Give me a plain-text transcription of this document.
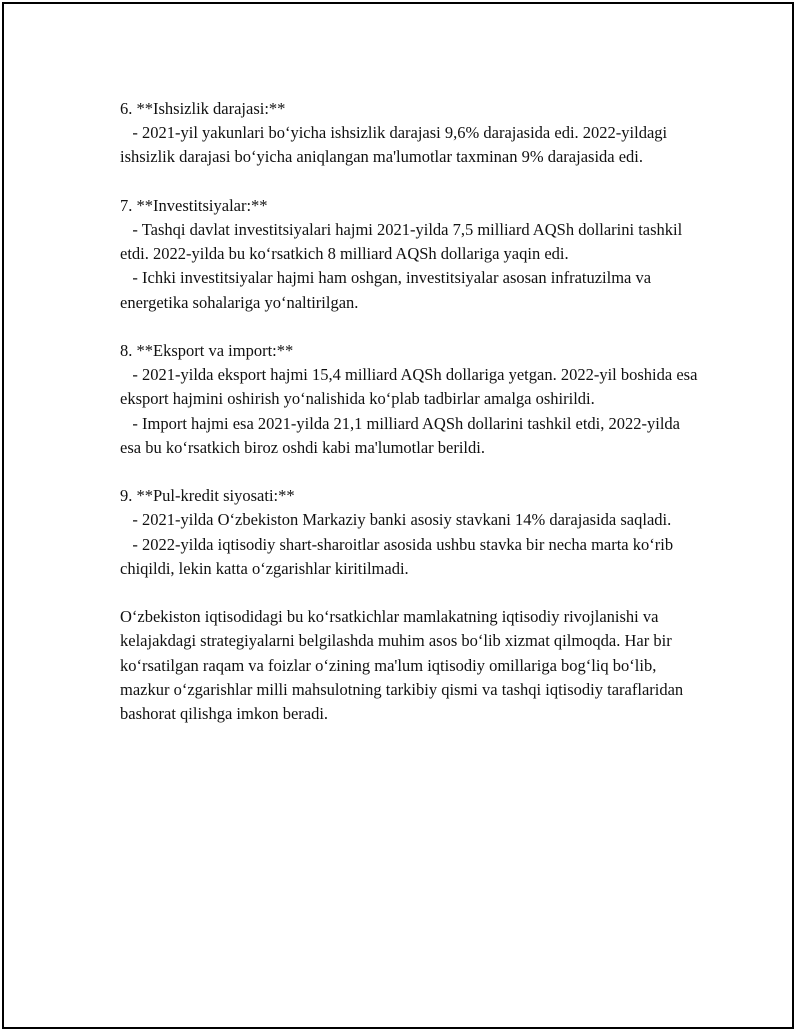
6. **Ishsizlik darajasi:**
- 2021-yil yakunlari bo‘yicha ishsizlik darajasi 9,6% darajasida edi. 2022-yildagi ishsizlik darajasi bo‘yicha aniqlangan ma'lumotlar taxminan 9% darajasida edi.
7. **Investitsiyalar:**
- Tashqi davlat investitsiyalari hajmi 2021-yilda 7,5 milliard AQSh dollarini tashkil etdi. 2022-yilda bu ko‘rsatkich 8 milliard AQSh dollariga yaqin edi.
- Ichki investitsiyalar hajmi ham oshgan, investitsiyalar asosan infratuzilma va energetika sohalariga yo‘naltirilgan.
8. **Eksport va import:**
- 2021-yilda eksport hajmi 15,4 milliard AQSh dollariga yetgan. 2022-yil boshida esa eksport hajmini oshirish yo‘nalishida ko‘plab tadbirlar amalga oshirildi.
- Import hajmi esa 2021-yilda 21,1 milliard AQSh dollarini tashkil etdi, 2022-yilda esa bu ko‘rsatkich biroz oshdi kabi ma'lumotlar berildi.
9. **Pul-kredit siyosati:**
- 2021-yilda O‘zbekiston Markaziy banki asosiy stavkani 14% darajasida saqladi.
- 2022-yilda iqtisodiy shart-sharoitlar asosida ushbu stavka bir necha marta ko‘rib chiqildi, lekin katta o‘zgarishlar kiritilmadi.

O‘zbekiston iqtisodidagi bu ko‘rsatkichlar mamlakatning iqtisodiy rivojlanishi va kelajakdagi strategiyalarni belgilashda muhim asos bo‘lib xizmat qilmoqda. Har bir ko‘rsatilgan raqam va foizlar o‘zining ma'lum iqtisodiy omillariga bog‘liq bo‘lib, mazkur o‘zgarishlar milli mahsulotning tarkibiy qismi va tashqi iqtisodiy taraflaridan bashorat qilishga imkon beradi.
